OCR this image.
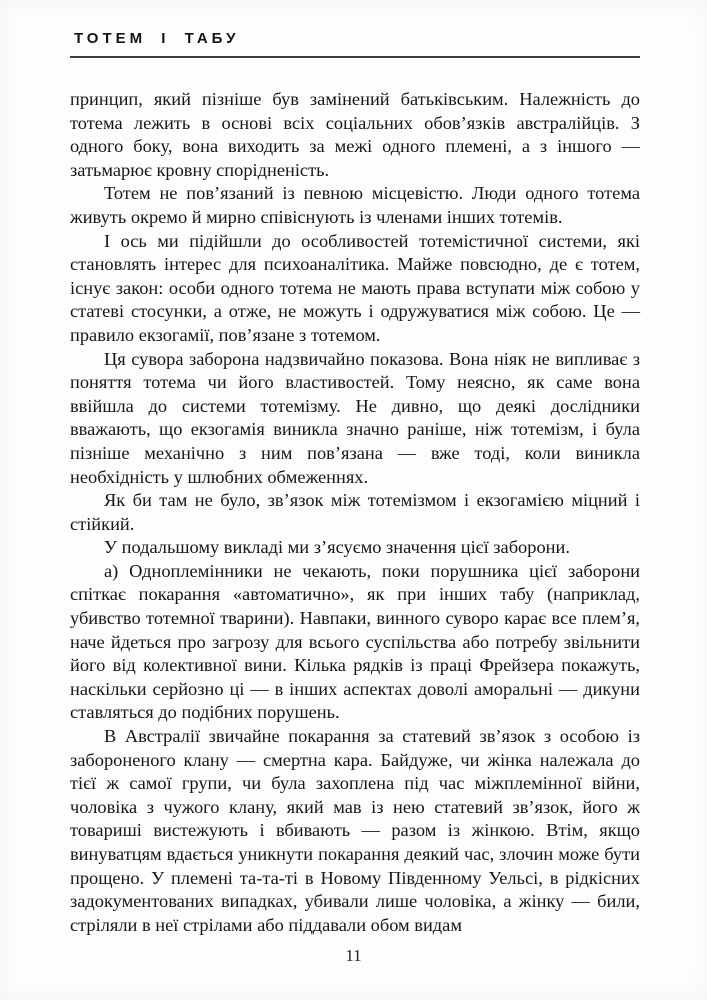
ТОТЕМ І ТАБУ

принцип, який пізніше був замінений батьківським. Належність до тотема лежить в основі всіх соціальних обов’язків австралійців. З одного боку, вона виходить за межі одного племені, а з іншого — затьмарює кровну спорідненість.

Тотем не пов’язаний із певною місцевістю. Люди одного тотема живуть окремо й мирно співіснують із членами інших тотемів.

І ось ми підійшли до особливостей тотемістичної системи, які становлять інтерес для психоаналітика. Майже повсюдно, де є тотем, існує закон: особи одного тотема не мають права вступати між собою у статеві стосунки, а отже, не можуть і одружуватися між собою. Це — правило екзогамії, пов’язане з тотемом.

Ця сувора заборона надзвичайно показова. Вона ніяк не випливає з поняття тотема чи його властивостей. Тому неясно, як саме вона ввійшла до системи тотемізму. Не дивно, що деякі дослідники вважають, що екзогамія виникла значно раніше, ніж тотемізм, і була пізніше механічно з ним пов’язана — вже тоді, коли виникла необхідність у шлюбних обмеженнях.

Як би там не було, зв’язок між тотемізмом і екзогамією міцний і стійкий.

У подальшому викладі ми з’ясуємо значення цієї заборони.

а) Одноплемінники не чекають, поки порушника цієї заборони спіткає покарання «автоматично», як при інших табу (наприклад, убивство тотемної тварини). Навпаки, винного суворо карає все плем’я, наче йдеться про загрозу для всього суспільства або потребу звільнити його від колективної вини. Кілька рядків із праці Фрейзера покажуть, наскільки серйозно ці — в інших аспектах доволі аморальні — дикуни ставляться до подібних порушень.

В Австралії звичайне покарання за статевий зв’язок з особою із забороненого клану — смертна кара. Байдуже, чи жінка належала до тієї ж самої групи, чи була захоплена під час міжплемінної війни, чоловіка з чужого клану, який мав із нею статевий зв’язок, його ж товариші вистежують і вбивають — разом із жінкою. Втім, якщо винуватцям вдається уникнути покарання деякий час, злочин може бути прощено. У племені та-та-ті в Новому Південному Уельсі, в рідкісних задокументованих випадках, убивали лише чоловіка, а жінку — били, стріляли в неї стрілами або піддавали обом видам

11
